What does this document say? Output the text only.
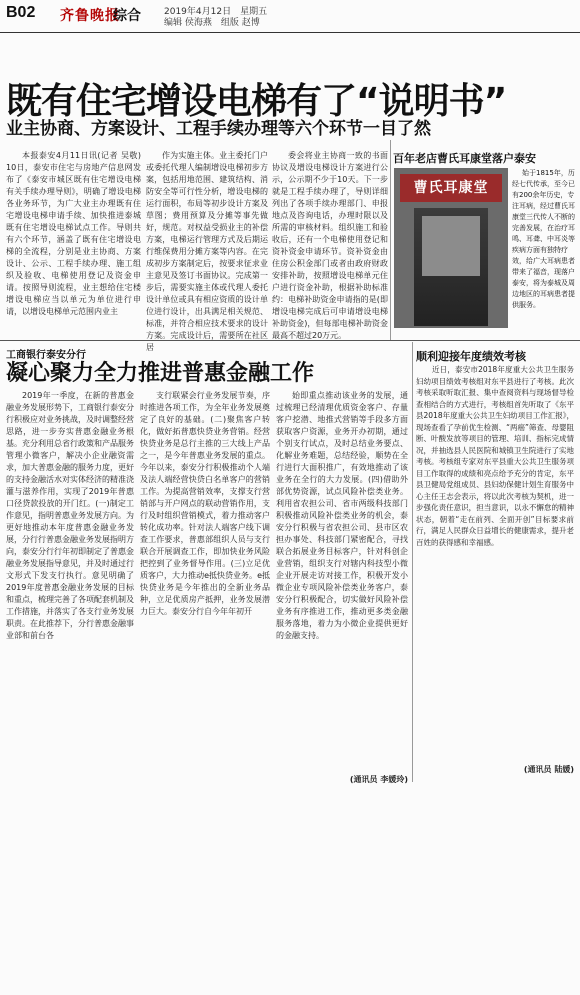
B02 齐鲁晚报
综合	2019年4月12日　星期五
编辑 侯海燕　组版 赵博
既有住宅增设电梯有了“说明书”
业主协商、方案设计、工程手续办理等六个环节一目了然
本报泰安4月11日讯(记者 吴敬) 10日，泰安市住宅与房地产信息网发布了《泰安市城区既有住宅增设电梯有关手续办理导则》，明确了增设电梯各业务环节，为广大业主办理既有住宅增设电梯申请手续、加快推进泰城既有住宅增设电梯试点工作。导则共有六个环节，涵盖了既有住宅增设电梯的全流程，分别是业主协商、方案设计、公示、工程手续办理、施工组织及验收、电梯使用登记及资金申请。按照导则流程，业主想给住宅楼增设电梯应当以单元为单位进行申请，以增设电梯单元范围内业主
作为实施主体。业主委托门户或委托代理人编制增设电梯初步方案，包括用地范围、建筑结构、消防安全等可行性分析，增设电梯的运行面积，布局等初步设计方案及草图；费用预算及分摊等事先做好，规范。对权益受损业主的补偿方案，电梯运行管理方式及后期运行维保费用分摊方案等内容。在完成初步方案制定后，按要求征求业主意见及签订书面协议。完成第一步后，需要实施主体或代理人委托设计单位或具有相应资质的设计单位进行设计，出具满足相关规范、标准，并符合相应技术要求的设计方案。完成设计后，需要所在社区居
委会将业主协商一致的书面协议及增设电梯设计方案进行公示，公示期不少于10天。下一步就是工程手续办理了，导则详细列出了各项手续办理部门、申报地点及咨询电话，办理时限以及所需的审核材料。组织施工和验收后，还有一个电梯使用登记和资补资金申请环节。资补资金由住房公积金部门或者由政府财政安排补助，按照增设电梯单元住户进行资金补助，根据补助标准约：电梯补助资金申请指的是(即增设电梯完成后可申请增设电梯补助资金)，但每部电梯补助资金最高不超过20万元。
百年老店曹氏耳康堂落户泰安
曹氏耳康堂
始于1815年，历经七代传承，至今已有200余年历史，专注耳病，经过曹氏耳康堂三代传人不断的完善发展，在治疗耳鸣、耳聋、中耳炎等疾病方面有独特疗效，给广大耳病患者带来了福音，现落户泰安，将为泰城及周边地区的耳病患者提供服务。
工商银行泰安分行
凝心聚力全力推进普惠金融工作
2019年一季度，在新的普惠金融业务发展形势下，工商银行泰安分行积极应对业务挑战，及时调整经营思路，进一步夯实普惠金融业务根基。充分利用总省行政策和产品服务管理小微客户，解决小企业融资需求，加大普惠金融的服务力度，更好的支持金融活水对实体经济的精准浇灌与滋养作用，实现了2019年普惠口径贷款投放的开门红。(一)制定工作意见，指明普惠业务发展方向。为更好地推动本年度普惠金融业务发展，分行行普惠金融业务发展指明方向，泰安分行行年初即制定了普惠金融业务发展指导意见，并及时通过行文形式下发支行执行。意见明确了2019年度普惠金融业务发展的目标和重点，梳理完善了各项配套机制及工作措施，并落实了各支行业务发展职责。在此推荐下，分行普惠金融事业部和前台各
支行联紧会行业务发展节奏，序时推进各项工作，为全年业务发展奠定了良好的基础。(二)聚焦客户转化，做好拓普惠快贷业务营销。经营快贷业务是总行主推的三大线上产品之一，是今年普惠业务发展的重点。今年以来，泰安分行积极推动个人端及法人端经营快贷白名单客户的营销工作。为提高营销效率，支撑支行营销部与开户网点的联动营销作用，支行及时组织营销模式，着力推动客户转化成功率。针对法人端客户线下调查工作要求，普惠部组织人员与支行联合开展调查工作，即加快业务风险把控到了业务督导作用。(三)立足优质客户，大力推动e抵快贷业务。e抵快贷业务是今年推出的全新业务品种，立足优质房产抵押，业务发展潜力巨大。泰安分行自今年年初开
始即重点推动该业务的发展，通过梳理已经清理优质资金客户、存量客户挖潜、地推式营销等手段多方面获取客户资源，业务开办初期，通过个别支行试点，及时总结业务要点、化解业务难题，总结经验，顺势在全行进行大面积推广，有效地推动了该业务在全行的大力发展。(四)借助外部优势资源，试点风险补偿类业务。利用省农担公司、省市两级科技部门积极推动风险补偿类业务的机会，泰安分行积极与省农担公司、县市区农担办事处、科技部门紧密配合，寻找联合拓展业务目标客户，针对科创企业营销，组织支行对辖内科技型小微企业开展走访对接工作，积极开发小微企业专项风险补偿类业务客户，泰安分行积极配合，切实做好风险补偿业务有序推进工作，推动更多类金融服务落地，着力为小微企业提供更好的金融支持。
(通讯员 李媛玲)
顺利迎接年度绩效考核
近日，泰安市2018年度重大公共卫生服务妇幼项目绩效考核组对东平县进行了考核。此次考核采取听取汇报、集中查阅资料与现场督导检查相结合的方式进行，考核组首先听取了《东平县2018年度重大公共卫生妇幼项目工作汇报》，现场查看了孕前优生检测、“两癌”筛查、母婴阻断、叶酸发放等项目的管理、培训、指标完成情况，并抽选县人民医院和城镇卫生院进行了实地考核。考核组专家对东平县重大公共卫生服务项目工作取得的成绩和亮点给予充分的肯定，东平县卫健局党组成员、县妇幼保健计划生育服务中心主任王志会表示，将以此次考核为契机，进一步强化责任意识，担当意识，以永不懈怠的精神状态，朝着“走在前列、全面开创”目标要求前行，满足人民群众日益增长的健康需求，提升老百姓的获得感和幸福感。
(通讯员 陆媛)
